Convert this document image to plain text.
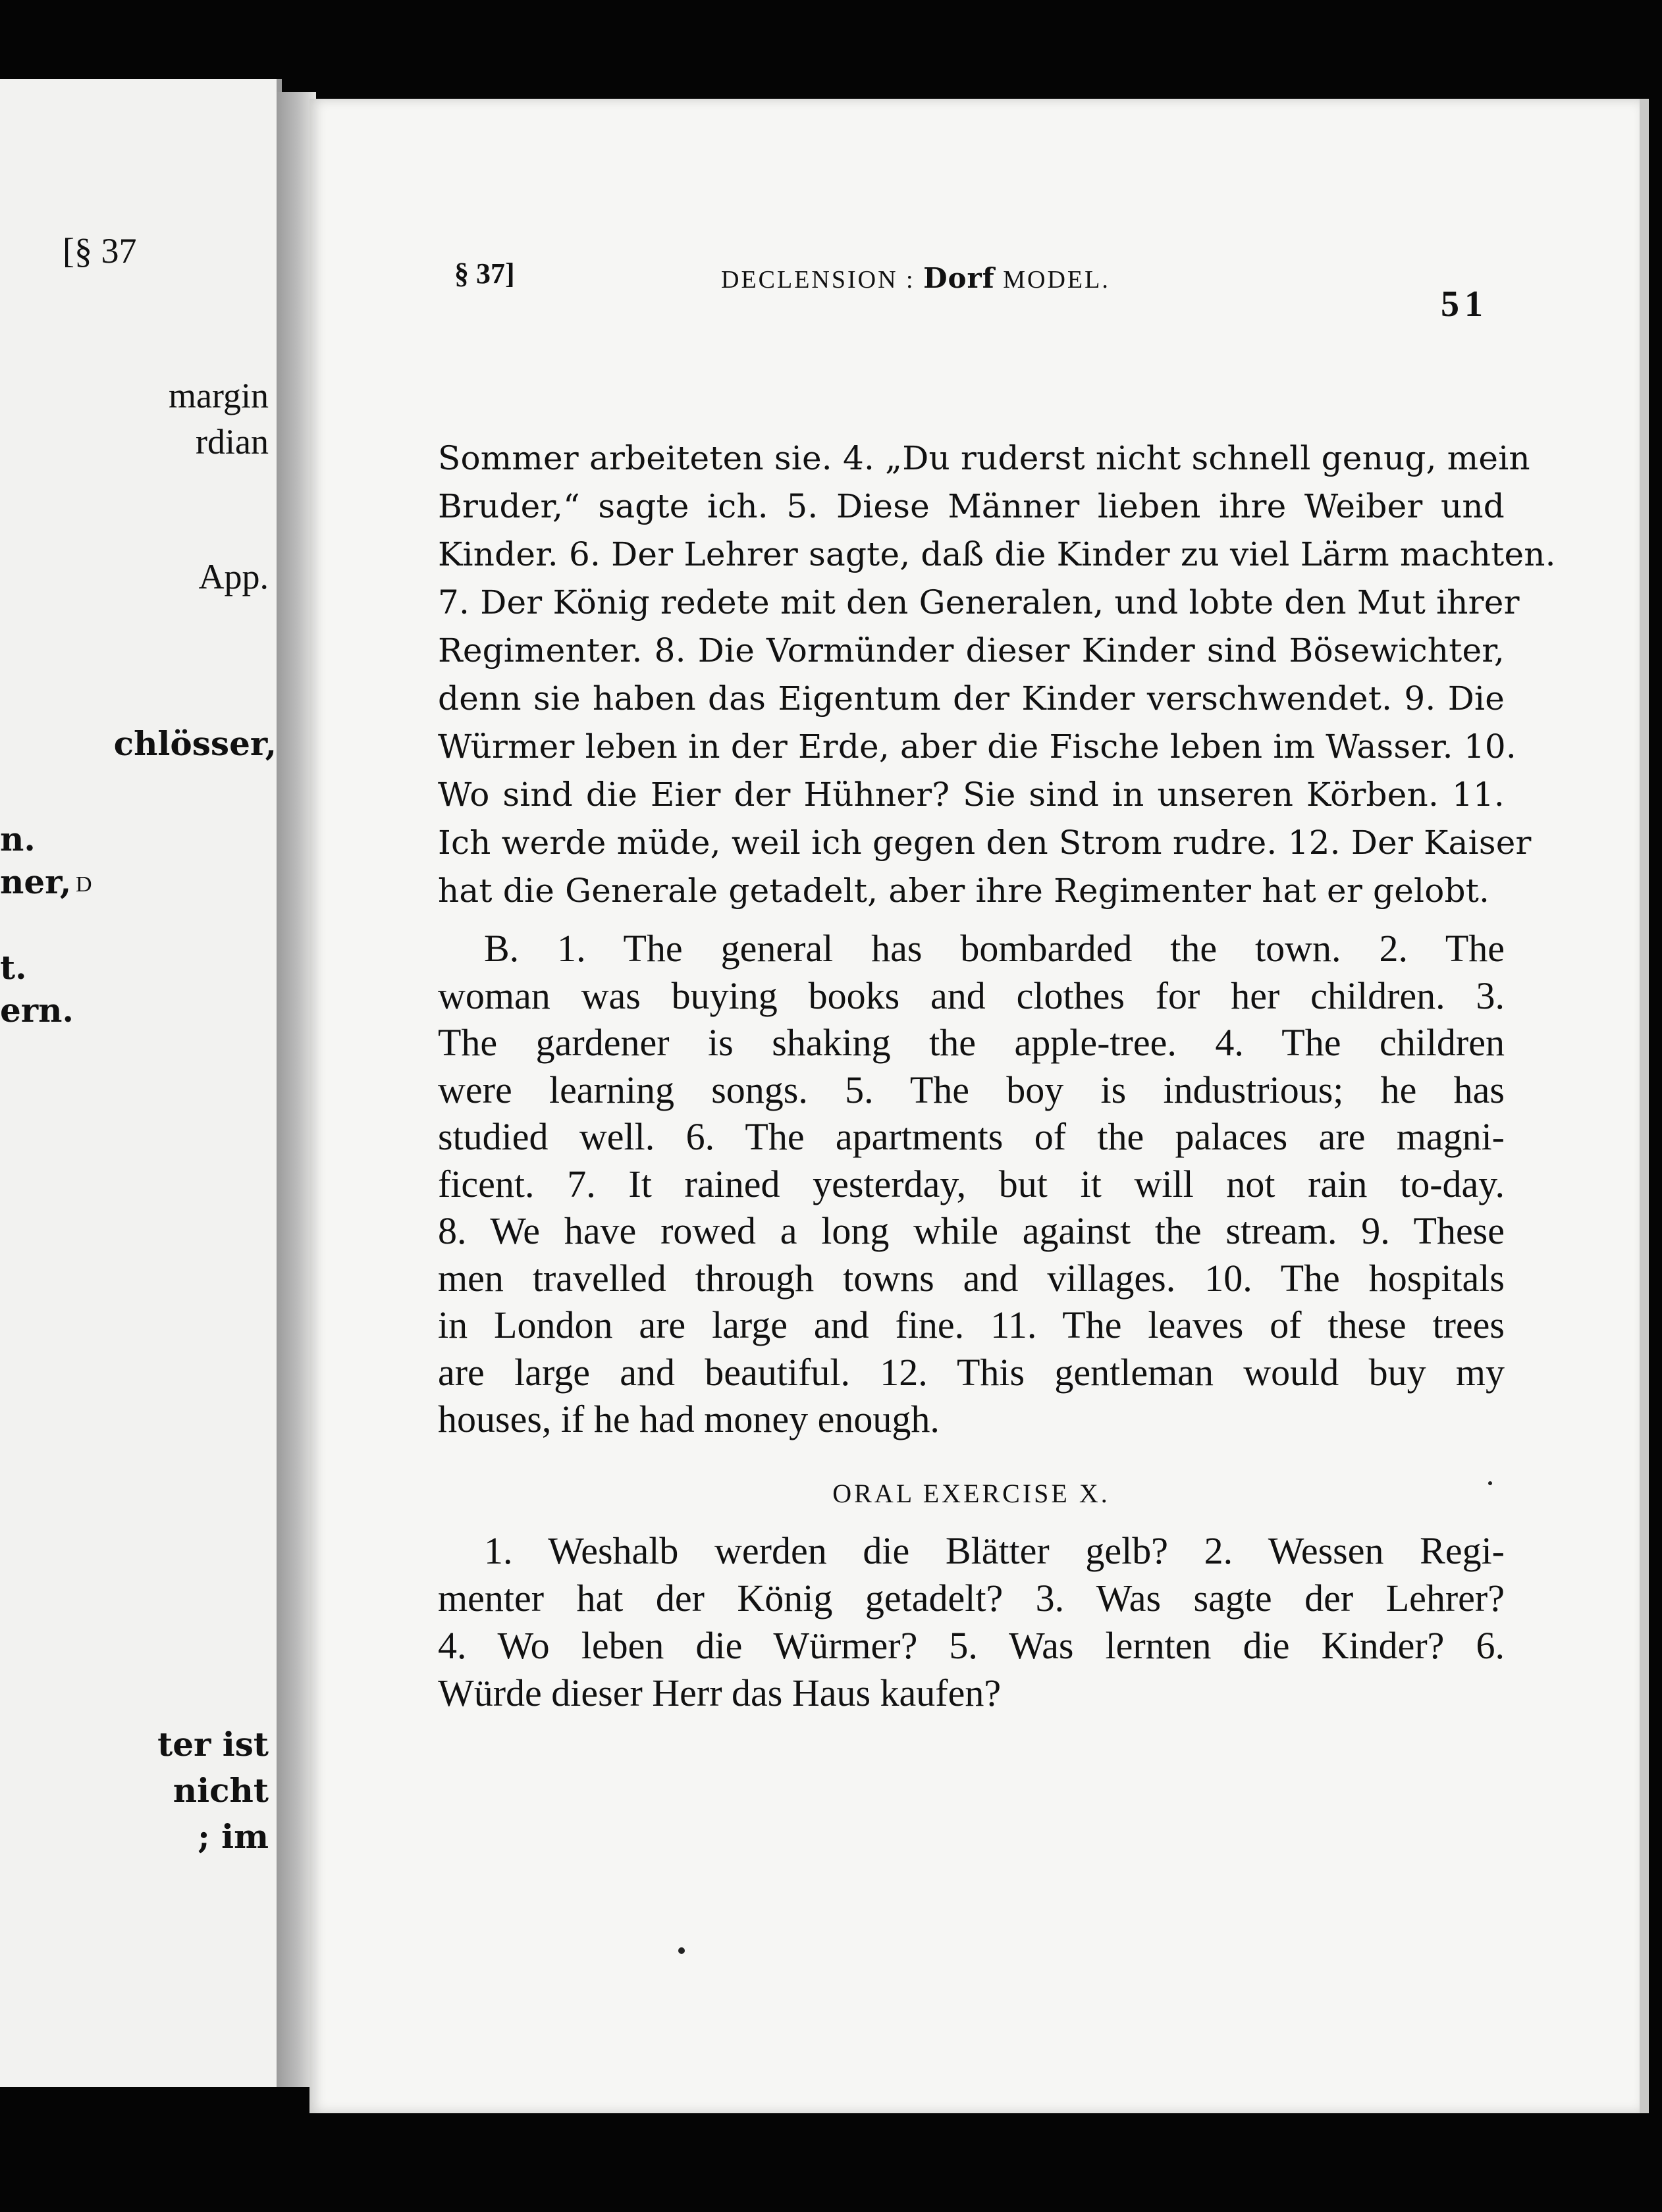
[§ 37
margin
rdian
App.
chlösser,
n.
ner, D
t.
ern.
ter ist
nicht
; im
§ 37]	DECLENSION : Dorf MODEL.
51
Sommer arbeiteten sie. 4. „Du ruderst nicht schnell genug, mein
Bruder,“ sagte ich. 5. Diese Männer lieben ihre Weiber und
Kinder. 6. Der Lehrer sagte, daß die Kinder zu viel Lärm machten.
7. Der König redete mit den Generalen, und lobte den Mut ihrer
Regimenter. 8. Die Vormünder dieser Kinder sind Bösewichter,
denn sie haben das Eigentum der Kinder verschwendet. 9. Die
Würmer leben in der Erde, aber die Fische leben im Wasser. 10.
Wo sind die Eier der Hühner? Sie sind in unseren Körben. 11.
Ich werde müde, weil ich gegen den Strom rudre. 12. Der Kaiser
hat die Generale getadelt, aber ihre Regimenter hat er gelobt.
B. 1. The general has bombarded the town. 2. The
woman was buying books and clothes for her children. 3.
The gardener is shaking the apple-tree. 4. The children
were learning songs. 5. The boy is industrious; he has
studied well. 6. The apartments of the palaces are magni-
ficent. 7. It rained yesterday, but it will not rain to-day.
8. We have rowed a long while against the stream. 9. These
men travelled through towns and villages. 10. The hospitals
in London are large and fine. 11. The leaves of these trees
are large and beautiful. 12. This gentleman would buy my
houses, if he had money enough.
ORAL EXERCISE X.
1. Weshalb werden die Blätter gelb? 2. Wessen Regi-
menter hat der König getadelt? 3. Was sagte der Lehrer?
4. Wo leben die Würmer? 5. Was lernten die Kinder? 6.
Würde dieser Herr das Haus kaufen?
